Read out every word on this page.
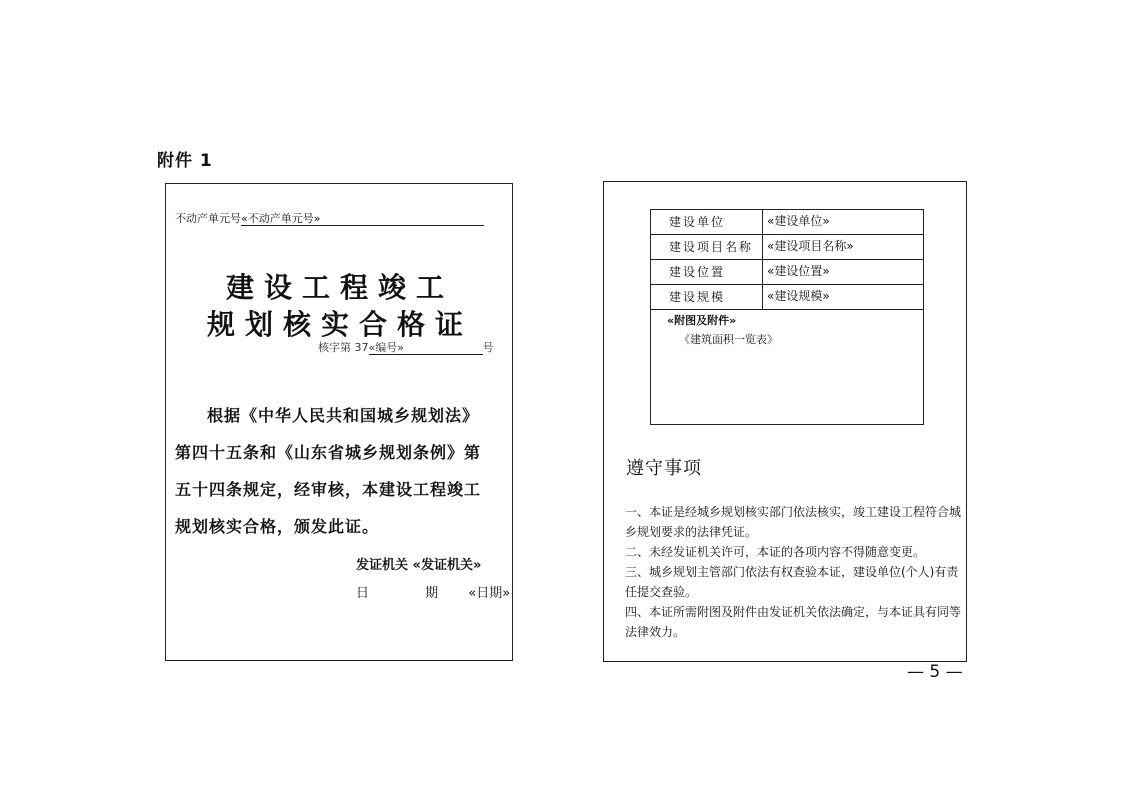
附件 1
不动产单元号«不动产单元号»
建设工程竣工
规划核实合格证
核字第 37«编号»	号
根据《中华人民共和国城乡规划法》
第四十五条和《山东省城乡规划条例》第
五十四条规定，经审核，本建设工程竣工
规划核实合格，颁发此证。
发证机关 «发证机关»
日 期 «日期»
建设单位	«建设单位»
建设项目名称	«建设项目名称»
建设位置	«建设位置»
建设规模	«建设规模»
«附图及附件»
《建筑面积一览表》
遵守事项

一、本证是经城乡规划核实部门依法核实，竣工建设工程符合城乡规划要求的法律凭证。

二、未经发证机关许可，本证的各项内容不得随意变更。

三、城乡规划主管部门依法有权查验本证，建设单位(个人)有责任提交查验。

四、本证所需附图及附件由发证机关依法确定，与本证具有同等法律效力。

— 5 —
